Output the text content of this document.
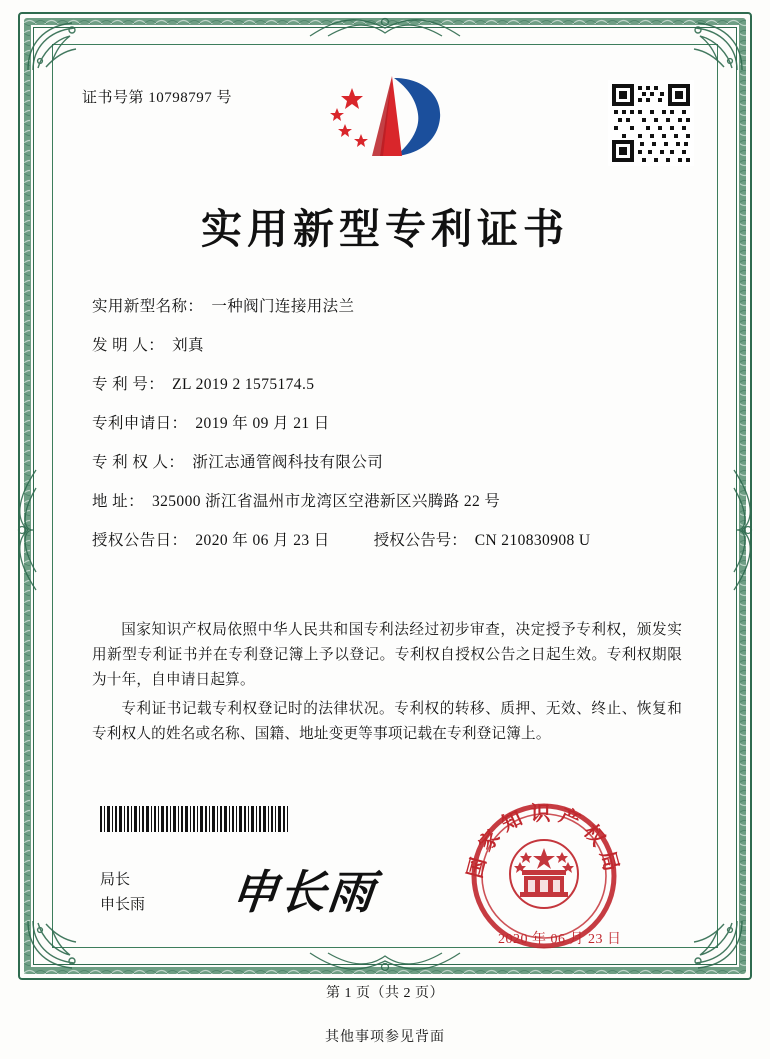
证书号第 10798797 号
实用新型专利证书
实用新型名称： 一种阀门连接用法兰
发 明 人： 刘真
专 利 号： ZL 2019 2 1575174.5
专利申请日： 2019 年 09 月 21 日
专 利 权 人： 浙江志通管阀科技有限公司
地 址： 325000 浙江省温州市龙湾区空港新区兴腾路 22 号
授权公告日： 2020 年 06 月 23 日	授权公告号： CN 210830908 U

国家知识产权局依照中华人民共和国专利法经过初步审查，决定授予专利权，颁发实用新型专利证书并在专利登记簿上予以登记。专利权自授权公告之日起生效。专利权期限为十年，自申请日起算。

专利证书记载专利权登记时的法律状况。专利权的转移、质押、无效、终止、恢复和专利权人的姓名或名称、国籍、地址变更等事项记载在专利登记簿上。

局长
申长雨 申长雨
国家知识产权局
2020 年 06 月 23 日
第 1 页（共 2 页）
其他事项参见背面
